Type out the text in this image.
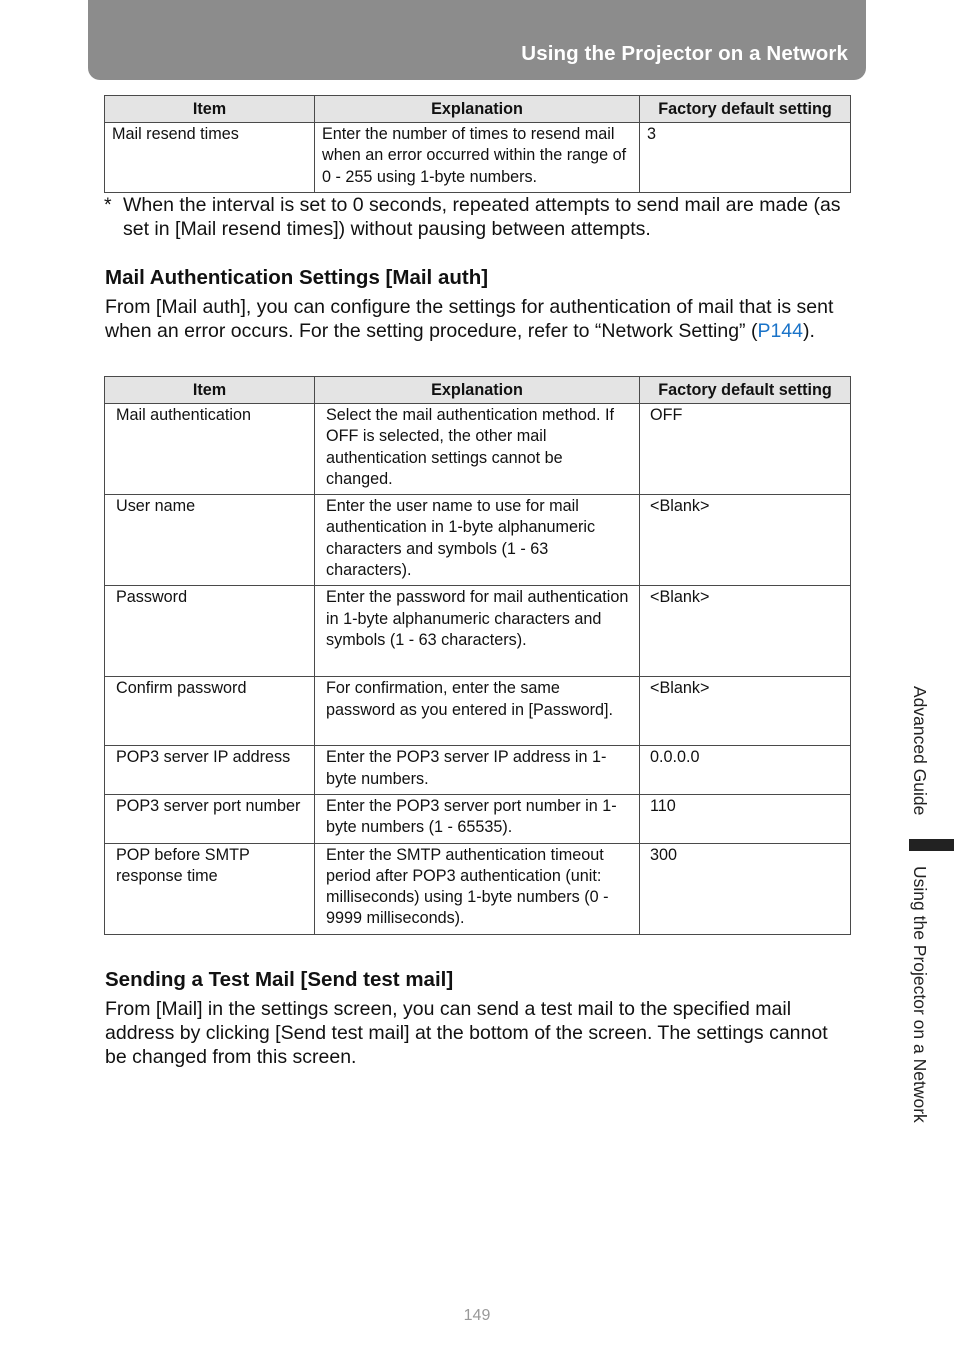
Using the Projector on a Network
Item	Explanation	Factory default setting
Mail resend times	Enter the number of times to resend mail when an error occurred within the range of 0 - 255 using 1-byte numbers.	3
* When the interval is set to 0 seconds, repeated attempts to send mail are made (as set in [Mail resend times]) without pausing between attempts.
Mail Authentication Settings [Mail auth]

From [Mail auth], you can configure the settings for authentication of mail that is sent when an error occurs. For the setting procedure, refer to “Network Setting” (P144).

Item	Explanation	Factory default setting
Mail authentication	Select the mail authentication method. If OFF is selected, the other mail authentication settings cannot be changed.	OFF
User name	Enter the user name to use for mail authentication in 1-byte alphanumeric characters and symbols (1 - 63 characters).	<Blank>
Password	Enter the password for mail authentication in 1-byte alphanumeric characters and symbols (1 - 63 characters).	<Blank>
Confirm password	For confirmation, enter the same password as you entered in [Password].	<Blank>
POP3 server IP address	Enter the POP3 server IP address in 1-byte numbers.	0.0.0.0
POP3 server port number	Enter the POP3 server port number in 1-byte numbers (1 - 65535).	110
POP before SMTP response time	Enter the SMTP authentication timeout period after POP3 authentication (unit: milliseconds) using 1-byte numbers (0 - 9999 milliseconds).	300
Sending a Test Mail [Send test mail]

From [Mail] in the settings screen, you can send a test mail to the specified mail address by clicking [Send test mail] at the bottom of the screen. The settings cannot be changed from this screen.

Advanced Guide
Using the Projector on a Network
149
